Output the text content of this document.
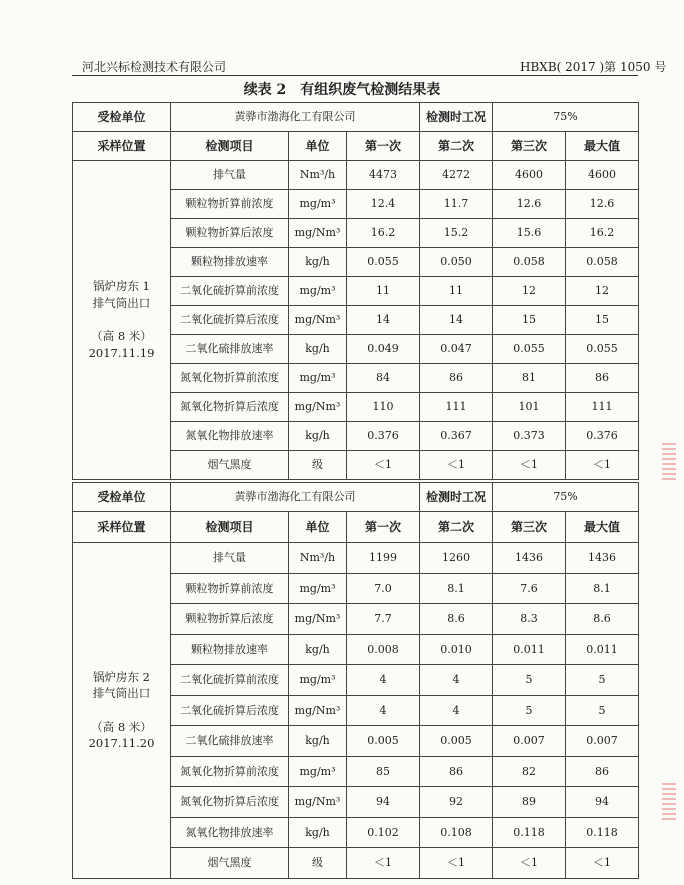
河北兴标检测技术有限公司	HBXB( 2017 )第 1050 号
续表 2　有组织废气检测结果表
受检单位	黄骅市渤海化工有限公司			检测时工况	75%	
采样位置	检测项目	单位	第一次	第二次	第三次	最大值
锅炉房东 1
排气筒出口

（高 8 米）
2017.11.19	排气量	Nm³/h	4473	4272	4600	4600
	颗粒物折算前浓度	mg/m³	12.4	11.7	12.6	12.6
	颗粒物折算后浓度	mg/Nm³	16.2	15.2	15.6	16.2
	颗粒物排放速率	kg/h	0.055	0.050	0.058	0.058
	二氧化硫折算前浓度	mg/m³	11	11	12	12
	二氧化硫折算后浓度	mg/Nm³	14	14	15	15
	二氧化硫排放速率	kg/h	0.049	0.047	0.055	0.055
	氮氧化物折算前浓度	mg/m³	84	86	81	86
	氮氧化物折算后浓度	mg/Nm³	110	111	101	111
	氮氧化物排放速率	kg/h	0.376	0.367	0.373	0.376
	烟气黑度	级	＜1	＜1	＜1	＜1
受检单位	黄骅市渤海化工有限公司			检测时工况	75%	
采样位置	检测项目	单位	第一次	第二次	第三次	最大值
锅炉房东 2
排气筒出口

（高 8 米）
2017.11.20	排气量	Nm³/h	1199	1260	1436	1436
	颗粒物折算前浓度	mg/m³	7.0	8.1	7.6	8.1
	颗粒物折算后浓度	mg/Nm³	7.7	8.6	8.3	8.6
	颗粒物排放速率	kg/h	0.008	0.010	0.011	0.011
	二氧化硫折算前浓度	mg/m³	4	4	5	5
	二氧化硫折算后浓度	mg/Nm³	4	4	5	5
	二氧化硫排放速率	kg/h	0.005	0.005	0.007	0.007
	氮氧化物折算前浓度	mg/m³	85	86	82	86
	氮氧化物折算后浓度	mg/Nm³	94	92	89	94
	氮氧化物排放速率	kg/h	0.102	0.108	0.118	0.118
	烟气黑度	级	＜1	＜1	＜1	＜1
